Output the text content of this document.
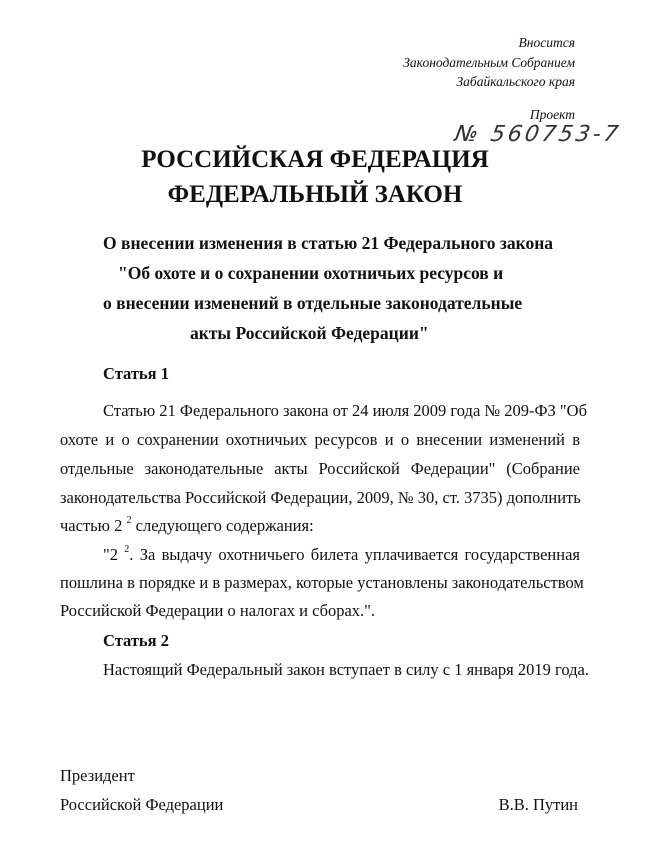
Вносится
Законодательным Собранием
Забайкальского края
Проект
№ 560753-7
РОССИЙСКАЯ ФЕДЕРАЦИЯ
ФЕДЕРАЛЬНЫЙ ЗАКОН
О внесении изменения в статью 21 Федерального закона
"Об охоте и о сохранении охотничьих ресурсов и
о внесении изменений в отдельные законодательные
акты Российской Федерации"
Статья 1
Статью 21 Федерального закона от 24 июля 2009 года № 209-ФЗ "Об
охоте и о сохранении охотничьих ресурсов и о внесении изменений в
отдельные законодательные акты Российской Федерации" (Собрание
законодательства Российской Федерации, 2009, № 30, ст. 3735) дополнить
частью 2 $^2$ следующего содержания:
"2 $^2$. За выдачу охотничьего билета уплачивается государственная
пошлина в порядке и в размерах, которые установлены законодательством
Российской Федерации о налогах и сборах.".
Статья 2
Настоящий Федеральный закон вступает в силу с 1 января 2019 года.
Президент
Российской Федерации	В.В. Путин
